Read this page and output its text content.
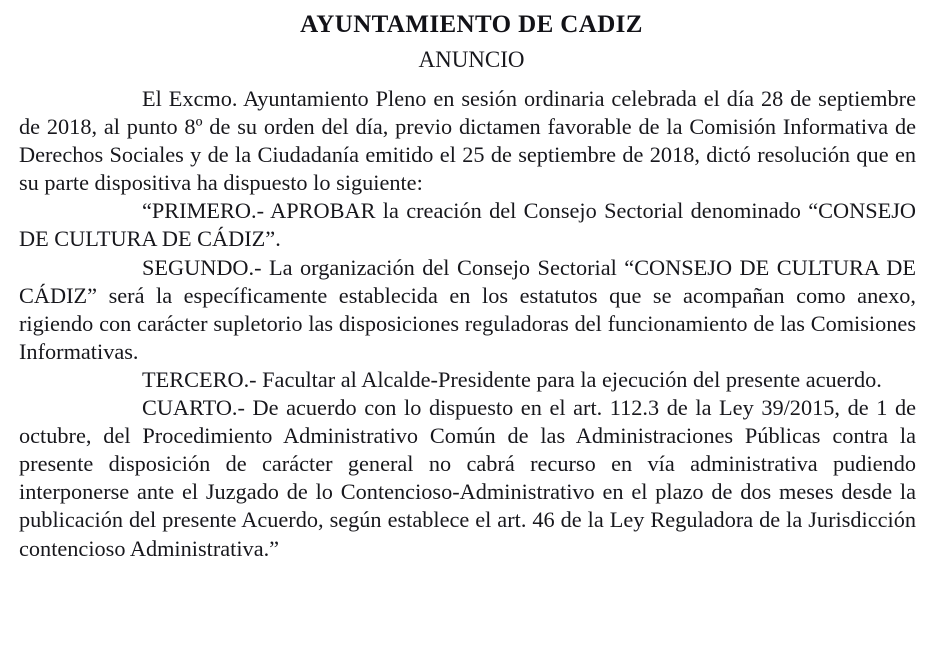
AYUNTAMIENTO DE CADIZ
ANUNCIO

El Excmo. Ayuntamiento Pleno en sesión ordinaria celebrada el día 28 de septiembre de 2018, al punto 8º de su orden del día, previo dictamen favorable de la Comisión Informativa de Derechos Sociales y de la Ciudadanía emitido el 25 de septiembre de 2018, dictó resolución que en su parte dispositiva ha dispuesto lo siguiente:

“PRIMERO.- APROBAR la creación del Consejo Sectorial denominado “CONSEJO DE CULTURA DE CÁDIZ”.

SEGUNDO.- La organización del Consejo Sectorial “CONSEJO DE CULTURA DE CÁDIZ” será la específicamente establecida en los estatutos que se acompañan como anexo, rigiendo con carácter supletorio las disposiciones reguladoras del funcionamiento de las Comisiones Informativas.

TERCERO.- Facultar al Alcalde-Presidente para la ejecución del presente acuerdo.

CUARTO.- De acuerdo con lo dispuesto en el art. 112.3 de la Ley 39/2015, de 1 de octubre, del Procedimiento Administrativo Común de las Administraciones Públicas contra la presente disposición de carácter general no cabrá recurso en vía administrativa pudiendo interponerse ante el Juzgado de lo Contencioso-Administrativo en el plazo de dos meses desde la publicación del presente Acuerdo, según establece el art. 46 de la Ley Reguladora de la Jurisdicción contencioso Administrativa.”
